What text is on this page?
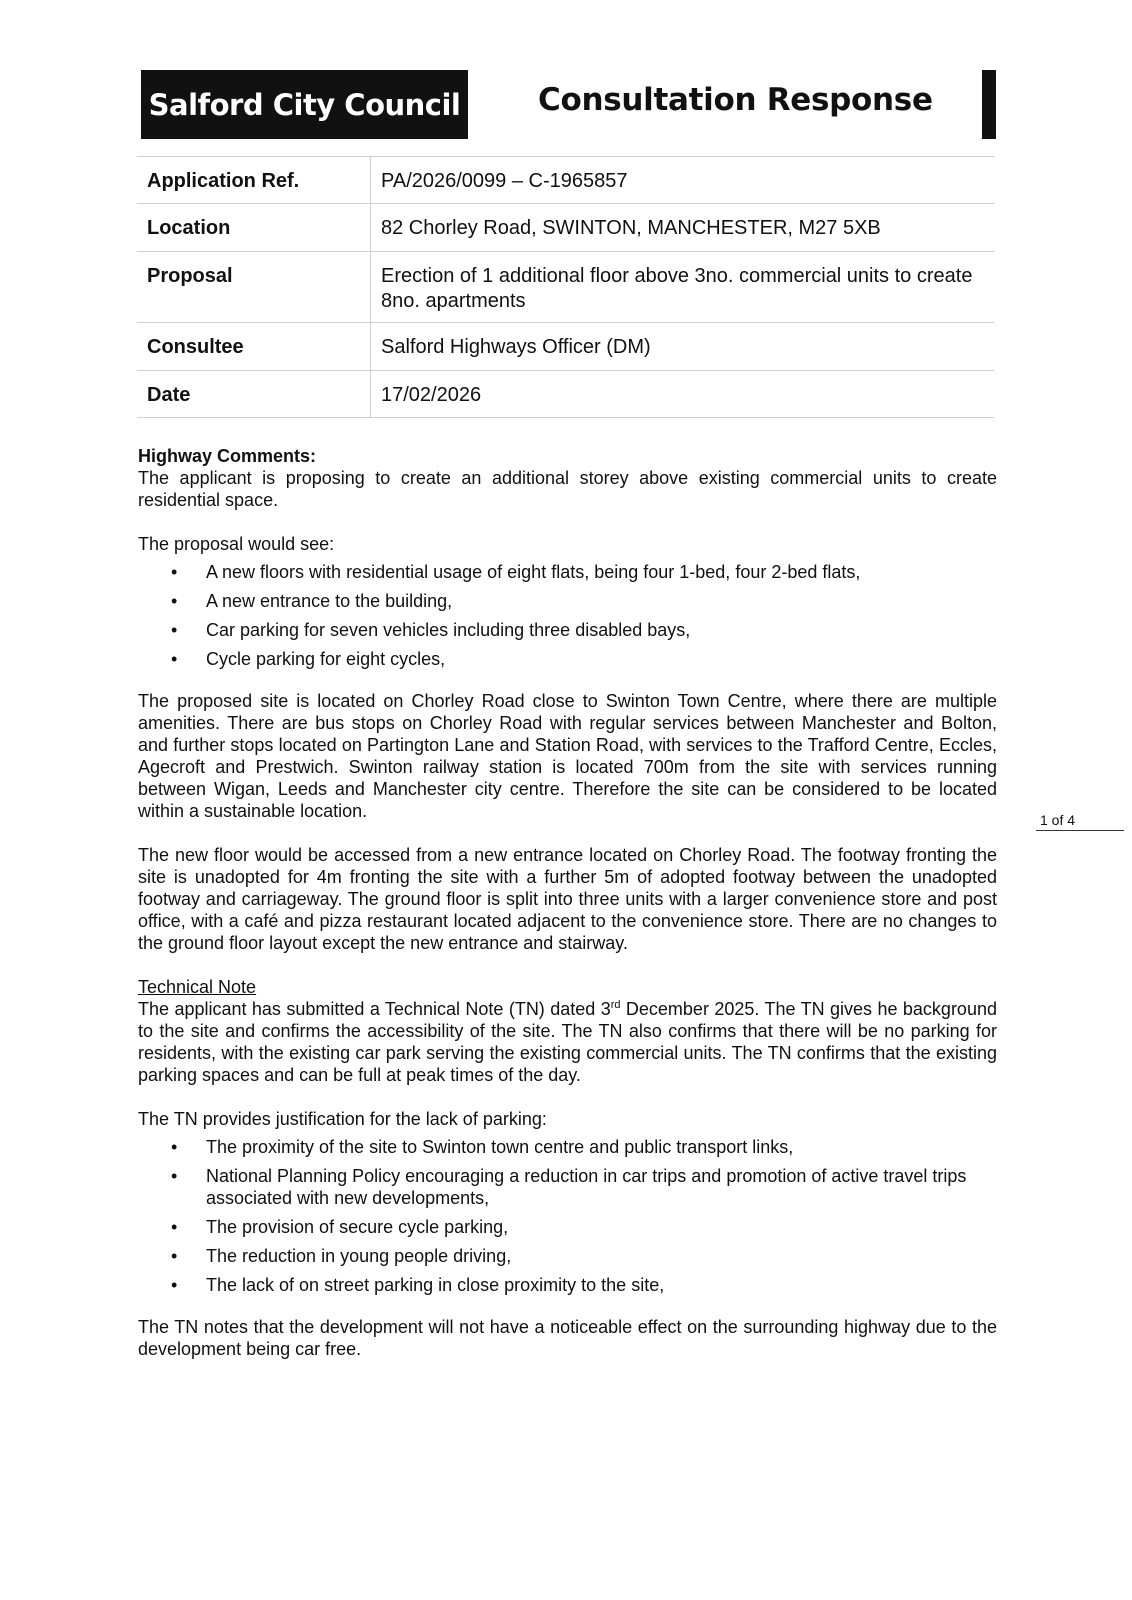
Salford City Council	Consultation Response
Application Ref.	PA/2026/0099 – C-1965857
Location	82 Chorley Road, SWINTON, MANCHESTER, M27 5XB
Proposal	Erection of 1 additional floor above 3no. commercial units to create 8no. apartments
Consultee	Salford Highways Officer (DM)
Date	17/02/2026

Highway Comments:

The applicant is proposing to create an additional storey above existing commercial units to create residential space.

The proposal would see:

• A new floors with residential usage of eight flats, being four 1-bed, four 2-bed flats,
• A new entrance to the building,
• Car parking for seven vehicles including three disabled bays,
• Cycle parking for eight cycles,

The proposed site is located on Chorley Road close to Swinton Town Centre, where there are multiple amenities. There are bus stops on Chorley Road with regular services between Manchester and Bolton, and further stops located on Partington Lane and Station Road, with services to the Trafford Centre, Eccles, Agecroft and Prestwich. Swinton railway station is located 700m from the site with services running between Wigan, Leeds and Manchester city centre. Therefore the site can be considered to be located within a sustainable location.

The new floor would be accessed from a new entrance located on Chorley Road. The footway fronting the site is unadopted for 4m fronting the site with a further 5m of adopted footway between the unadopted footway and carriageway. The ground floor is split into three units with a larger convenience store and post office, with a café and pizza restaurant located adjacent to the convenience store. There are no changes to the ground floor layout except the new entrance and stairway.

Technical Note

The applicant has submitted a Technical Note (TN) dated 3rd December 2025. The TN gives he background to the site and confirms the accessibility of the site. The TN also confirms that there will be no parking for residents, with the existing car park serving the existing commercial units. The TN confirms that the existing parking spaces and can be full at peak times of the day.

The TN provides justification for the lack of parking:

• The proximity of the site to Swinton town centre and public transport links,
• National Planning Policy encouraging a reduction in car trips and promotion of active travel trips associated with new developments,
• The provision of secure cycle parking,
• The reduction in young people driving,
• The lack of on street parking in close proximity to the site,

The TN notes that the development will not have a noticeable effect on the surrounding highway due to the development being car free.

1 of 4
